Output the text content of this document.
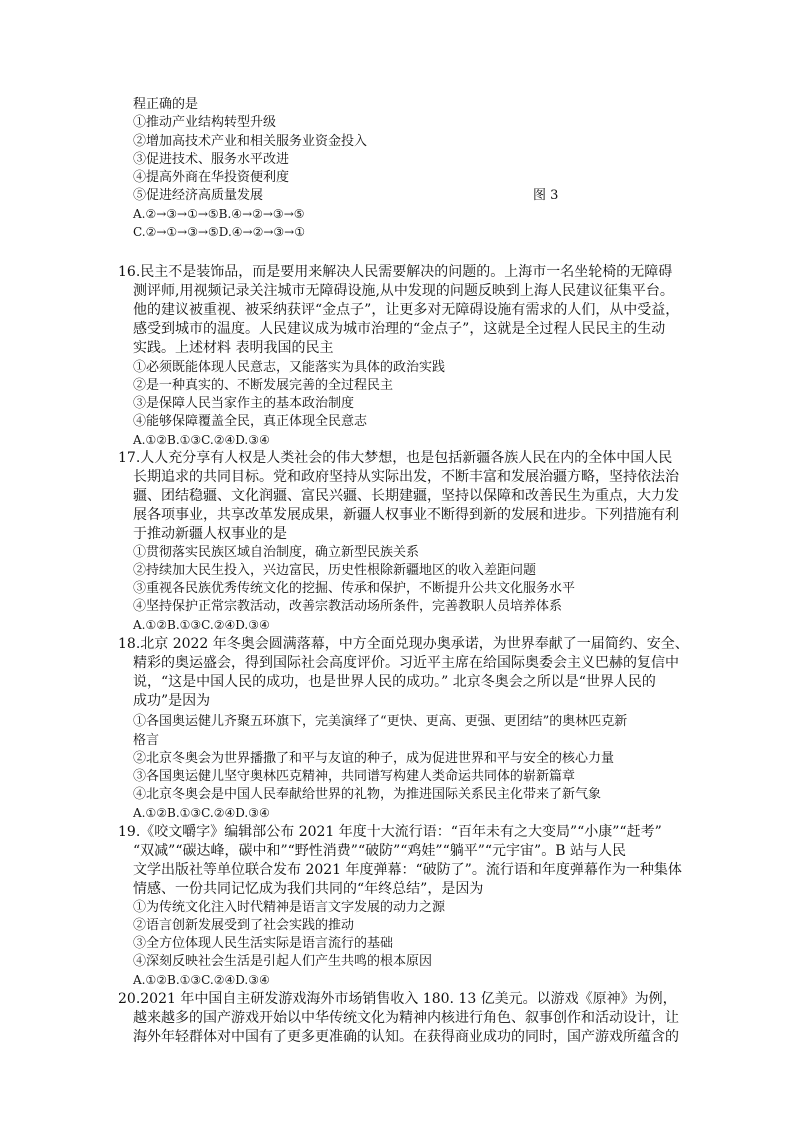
程正确的是
①推动产业结构转型升级
②增加高技术产业和相关服务业资金投入
③促进技术、服务水平改进
④提高外商在华投资便利度
⑤促进经济高质量发展	图 3
A.②→③→①→⑤B.④→②→③→⑤
C.②→①→③→⑤D.④→②→③→①
16.民主不是装饰品，而是要用来解决人民需要解决的问题的。上海市一名坐轮椅的无障碍
测评师,用视频记录关注城市无障碍设施,从中发现的问题反映到上海人民建议征集平台。
他的建议被重视、被采纳获评“金点子”，让更多对无障碍设施有需求的人们，从中受益，
感受到城市的温度。人民建议成为城市治理的“金点子”，这就是全过程人民民主的生动
实践。上述材料 表明我国的民主
①必须既能体现人民意志，又能落实为具体的政治实践
②是一种真实的、不断发展完善的全过程民主
③是保障人民当家作主的基本政治制度
④能够保障覆盖全民，真正体现全民意志
A.①②B.①③C.②④D.③④
17.人人充分享有人权是人类社会的伟大梦想，也是包括新疆各族人民在内的全体中国人民
长期追求的共同目标。党和政府坚持从实际出发，不断丰富和发展治疆方略，坚持依法治
疆、团结稳疆、文化润疆、富民兴疆、长期建疆，坚持以保障和改善民生为重点，大力发
展各项事业，共享改革发展成果，新疆人权事业不断得到新的发展和进步。下列措施有利
于推动新疆人权事业的是
①贯彻落实民族区域自治制度，确立新型民族关系
②持续加大民生投入，兴边富民，历史性根除新疆地区的收入差距问题
③重视各民族优秀传统文化的挖掘、传承和保护，不断提升公共文化服务水平
④坚持保护正常宗教活动，改善宗教活动场所条件，完善教职人员培养体系
A.①②B.①③C.②④D.③④
18.北京 2022 年冬奥会圆满落幕，中方全面兑现办奥承诺，为世界奉献了一届简约、安全、
精彩的奥运盛会，得到国际社会高度评价。习近平主席在给国际奥委会主义巴赫的复信中
说，“这是中国人民的成功，也是世界人民的成功。” 北京冬奥会之所以是“世界人民的
成功”是因为
①各国奥运健儿齐聚五环旗下，完美演绎了“更快、更高、更强、更团结”的奥林匹克新
格言
②北京冬奥会为世界播撒了和平与友谊的种子，成为促进世界和平与安全的核心力量
③各国奥运健儿坚守奥林匹克精神，共同谱写构建人类命运共同体的崭新篇章
④北京冬奥会是中国人民奉献给世界的礼物，为推进国际关系民主化带来了新气象
A.①②B.①③C.②④D.③④
19.《咬文嚼字》编辑部公布 2021 年度十大流行语：“百年未有之大变局”“小康”“赶考”
“双减”“碳达峰，碳中和”“野性消费”“破防”“鸡娃”“躺平”“元宇宙”。B 站与人民
文学出版社等单位联合发布 2021 年度弹幕：“破防了”。流行语和年度弹幕作为一种集体
情感、一份共同记忆成为我们共同的“年终总结”，是因为
①为传统文化注入时代精神是语言文字发展的动力之源
②语言创新发展受到了社会实践的推动
③全方位体现人民生活实际是语言流行的基础
④深刻反映社会生活是引起人们产生共鸣的根本原因
A.①②B.①③C.②④D.③④
20.2021 年中国自主研发游戏海外市场销售收入 180. 13 亿美元。以游戏《原神》为例，
越来越多的国产游戏开始以中华传统文化为精神内核进行角色、叙事创作和活动设计，让
海外年轻群体对中国有了更多更准确的认知。在获得商业成功的同时，国产游戏所蕴含的
